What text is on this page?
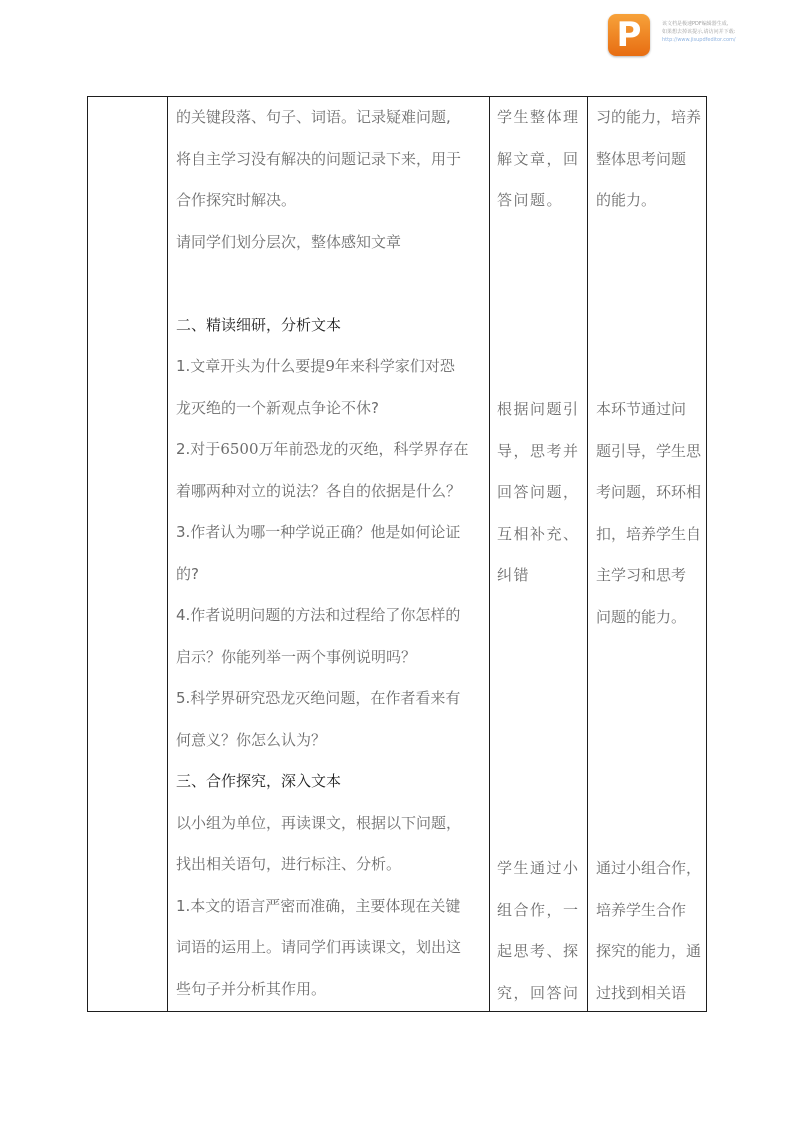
P	该文档是极速PDF编辑器生成,
如果想去掉该提示,请访问并下载:
http://www.jisupdfeditor.com/

的关键段落、句子、词语。记录疑难问题,

将自主学习没有解决的问题记录下来，用于

合作探究时解决。

请同学们划分层次，整体感知文章

二、精读细研，分析文本

1.文章开头为什么要提9年来科学家们对恐

龙灭绝的一个新观点争论不休?

2.对于6500万年前恐龙的灭绝，科学界存在

着哪两种对立的说法？各自的依据是什么？

3.作者认为哪一种学说正确？他是如何论证

的?

4.作者说明问题的方法和过程给了你怎样的

启示？你能列举一两个事例说明吗？

5.科学界研究恐龙灭绝问题，在作者看来有

何意义？你怎么认为？

三、合作探究，深入文本

以小组为单位，再读课文，根据以下问题，

找出相关语句，进行标注、分析。

1.本文的语言严密而准确，主要体现在关键

词语的运用上。请同学们再读课文，划出这

些句子并分析其作用。

学生整体理

解文章，回

答问题。

根据问题引

导，思考并

回答问题，

互相补充、

纠错

学生通过小

组合作，一

起思考、探

究，回答问

习的能力，培养

整体思考问题

的能力。

本环节通过问

题引导，学生思

考问题，环环相

扣，培养学生自

主学习和思考

问题的能力。

通过小组合作，

培养学生合作

探究的能力，通

过找到相关语
